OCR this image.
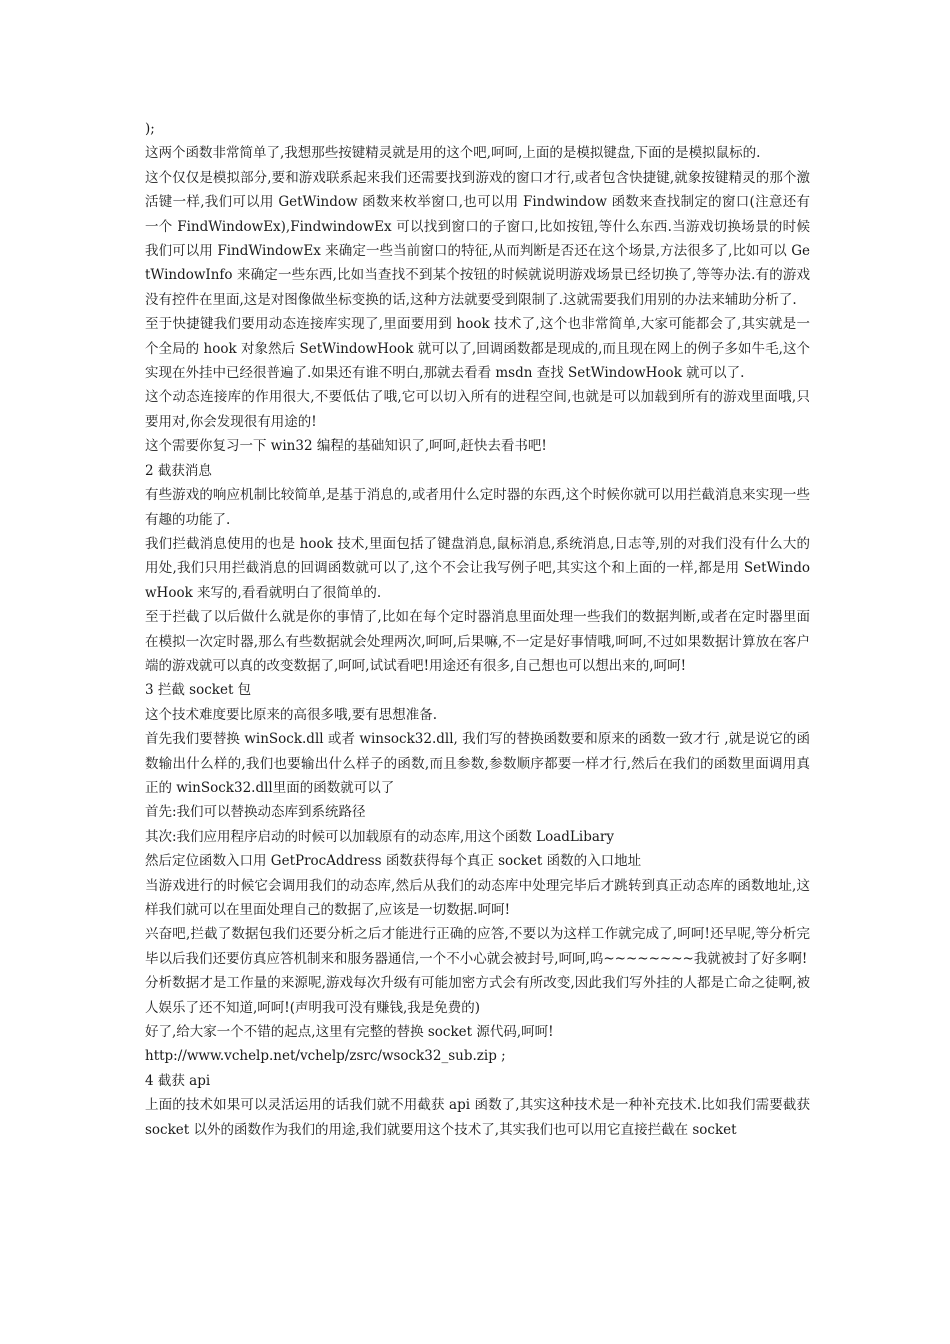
);

这两个函数非常简单了,我想那些按键精灵就是用的这个吧,呵呵,上面的是模拟键盘,下面的是模拟鼠标的.

这个仅仅是模拟部分,要和游戏联系起来我们还需要找到游戏的窗口才行,或者包含快捷键,就象按键精灵的那个激活键一样,我们可以用 GetWindow 函数来枚举窗口,也可以用 Findwindow 函数来查找制定的窗口(注意还有一个 FindWindowEx),FindwindowEx 可以找到窗口的子窗口,比如按钮,等什么东西.当游戏切换场景的时候我们可以用 FindWindowEx 来确定一些当前窗口的特征,从而判断是否还在这个场景,方法很多了,比如可以 GetWindowInfo 来确定一些东西,比如当查找不到某个按钮的时候就说明游戏场景已经切换了,等等办法.有的游戏没有控件在里面,这是对图像做坐标变换的话,这种方法就要受到限制了.这就需要我们用别的办法来辅助分析了.

至于快捷键我们要用动态连接库实现了,里面要用到 hook 技术了,这个也非常简单,大家可能都会了,其实就是一个全局的 hook 对象然后 SetWindowHook 就可以了,回调函数都是现成的,而且现在网上的例子多如牛毛,这个实现在外挂中已经很普遍了.如果还有谁不明白,那就去看看 msdn 查找 SetWindowHook 就可以了.

这个动态连接库的作用很大,不要低估了哦,它可以切入所有的进程空间,也就是可以加载到所有的游戏里面哦,只要用对,你会发现很有用途的!

这个需要你复习一下 win32 编程的基础知识了,呵呵,赶快去看书吧!

2 截获消息

有些游戏的响应机制比较简单,是基于消息的,或者用什么定时器的东西,这个时候你就可以用拦截消息来实现一些有趣的功能了.

我们拦截消息使用的也是 hook 技术,里面包括了键盘消息,鼠标消息,系统消息,日志等,别的对我们没有什么大的用处,我们只用拦截消息的回调函数就可以了,这个不会让我写例子吧,其实这个和上面的一样,都是用 SetWindowHook 来写的,看看就明白了很简单的.

至于拦截了以后做什么就是你的事情了,比如在每个定时器消息里面处理一些我们的数据判断,或者在定时器里面在模拟一次定时器,那么有些数据就会处理两次,呵呵,后果嘛,不一定是好事情哦,呵呵,不过如果数据计算放在客户端的游戏就可以真的改变数据了,呵呵,试试看吧!用途还有很多,自己想也可以想出来的,呵呵!

3 拦截 socket 包

这个技术难度要比原来的高很多哦,要有思想准备.

首先我们要替换 winSock.dll 或者 winsock32.dll, 我们写的替换函数要和原来的函数一致才行 ,就是说它的函数输出什么样的,我们也要输出什么样子的函数,而且参数,参数顺序都要一样才行,然后在我们的函数里面调用真正的 winSock32.dll里面的函数就可以了

首先:我们可以替换动态库到系统路径

其次:我们应用程序启动的时候可以加载原有的动态库,用这个函数 LoadLibary

然后定位函数入口用 GetProcAddress 函数获得每个真正 socket 函数的入口地址

当游戏进行的时候它会调用我们的动态库,然后从我们的动态库中处理完毕后才跳转到真正动态库的函数地址,这样我们就可以在里面处理自己的数据了,应该是一切数据.呵呵!

兴奋吧,拦截了数据包我们还要分析之后才能进行正确的应答,不要以为这样工作就完成了,呵呵!还早呢,等分析完毕以后我们还要仿真应答机制来和服务器通信,一个不小心就会被封号,呵呵,呜~~~~~~~~我就被封了好多啊!

分析数据才是工作量的来源呢,游戏每次升级有可能加密方式会有所改变,因此我们写外挂的人都是亡命之徒啊,被人娱乐了还不知道,呵呵!(声明我可没有赚钱,我是免费的)

好了,给大家一个不错的起点,这里有完整的替换 socket 源代码,呵呵!

http://www.vchelp.net/vchelp/zsrc/wsock32_sub.zip ;

4 截获 api

上面的技术如果可以灵活运用的话我们就不用截获 api 函数了,其实这种技术是一种补充技术.比如我们需要截获 socket 以外的函数作为我们的用途,我们就要用这个技术了,其实我们也可以用它直接拦截在 socket
